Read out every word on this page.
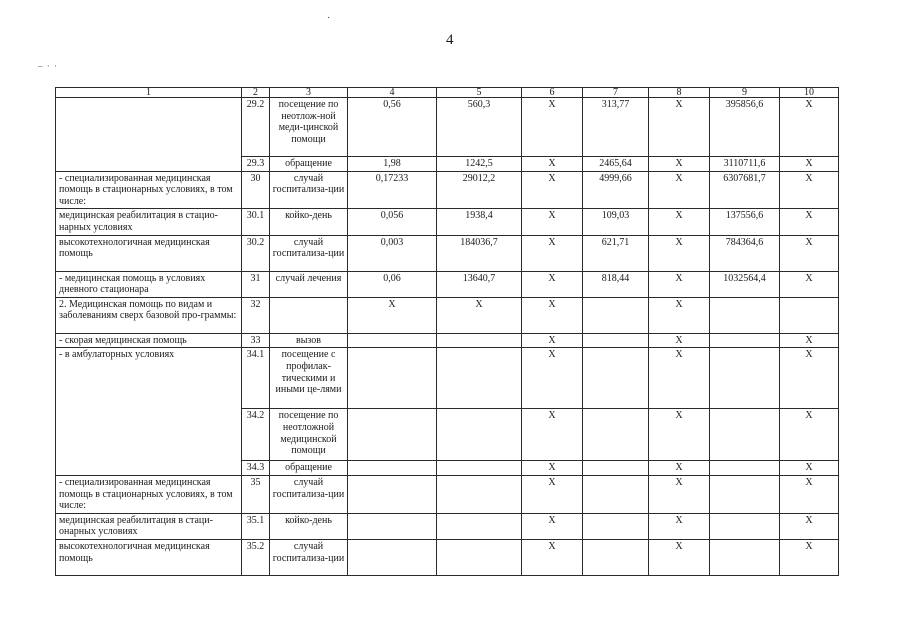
4
˙
– · ·
1	2	3	4	5	6	7	8	9	10
	29.2	посещение по неотлож-ной меди-цинской помощи	0,56	560,3	X	313,77	X	395856,6	X
	29.3	обращение	1,98	1242,5	X	2465,64	X	3110711,6	X
- специализированная медицинская помощь в стационарных условиях, в том числе:	30	случай госпитализа-ции	0,17233	29012,2	X	4999,66	X	6307681,7	X
медицинская реабилитация в стацио-нарных условиях	30.1	койко-день	0,056	1938,4	X	109,03	X	137556,6	X
высокотехнологичная медицинская помощь	30.2	случай госпитализа-ции	0,003	184036,7	X	621,71	X	784364,6	X
- медицинская помощь в условиях дневного стационара	31	случай лечения	0,06	13640,7	X	818,44	X	1032564,4	X
2. Медицинская помощь по видам и заболеваниям сверх базовой про-граммы:	32		X	X	X		X		
- скорая медицинская помощь	33	вызов			X		X		X
- в амбулаторных условиях	34.1	посещение с профилак-тическими и иными це-лями			X		X		X
	34.2	посещение по неотложной медицинской помощи			X		X		X
	34.3	обращение			X		X		X
- специализированная медицинская помощь в стационарных условиях, в том числе:	35	случай госпитализа-ции			X		X		X
медицинская реабилитация в стаци-онарных условиях	35.1	койко-день			X		X		X
высокотехнологичная медицинская помощь	35.2	случай госпитализа-ции			X		X		X
